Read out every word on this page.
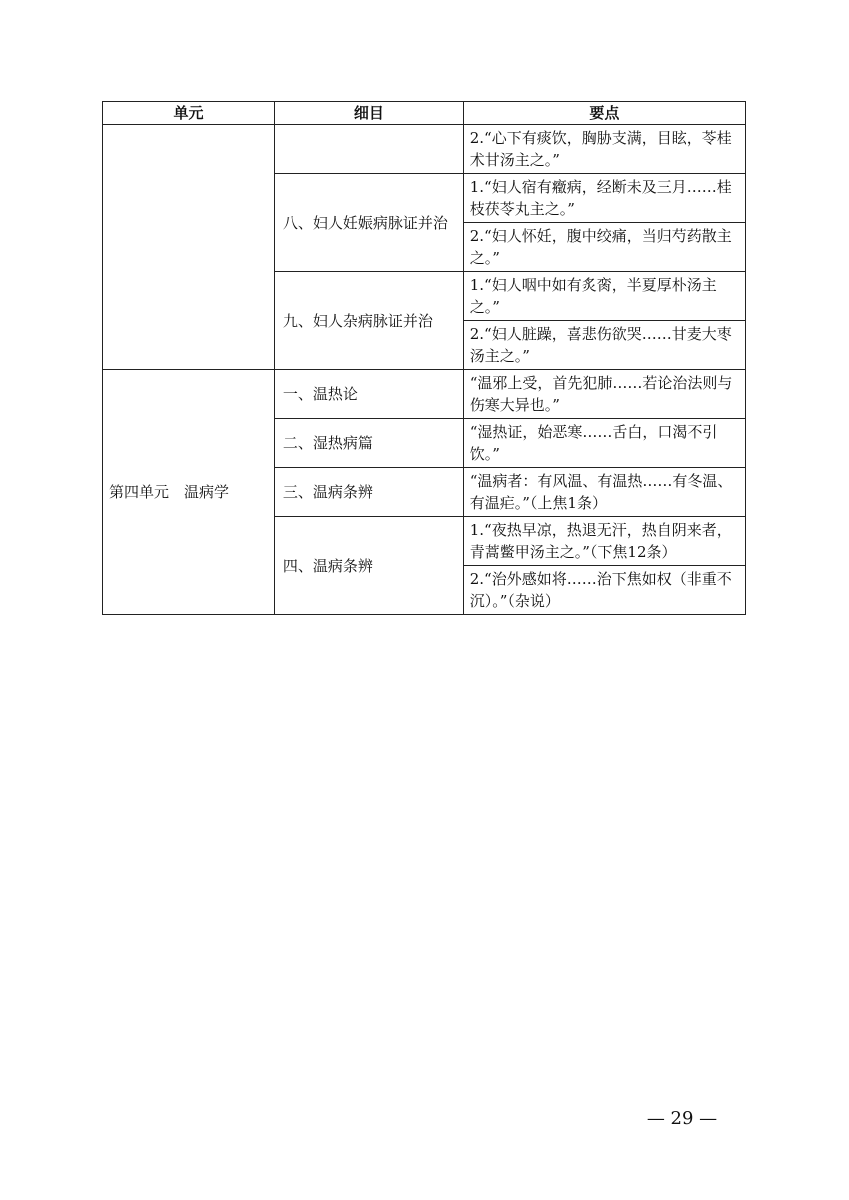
单元	细目	要点
		2.“心下有痰饮，胸胁支满，目眩，苓桂术甘汤主之。”
	八、妇人妊娠病脉证并治	1.“妇人宿有癥病，经断未及三月……桂枝茯苓丸主之。”
		2.“妇人怀妊，腹中绞痛，当归芍药散主之。”
	九、妇人杂病脉证并治	1.“妇人咽中如有炙脔，半夏厚朴汤主之。”
		2.“妇人脏躁，喜悲伤欲哭……甘麦大枣汤主之。”
第四单元　温病学	一、温热论	“温邪上受，首先犯肺……若论治法则与伤寒大异也。”
	二、湿热病篇	“湿热证，始恶寒……舌白，口渴不引饮。”
	三、温病条辨	“温病者：有风温、有温热……有冬温、有温疟。”（上焦1条）
	四、温病条辨	1.“夜热早凉，热退无汗，热自阴来者，青蒿鳖甲汤主之。”（下焦12条）
		2.“治外感如将……治下焦如权（非重不沉）。”（杂说）
— 29 —
